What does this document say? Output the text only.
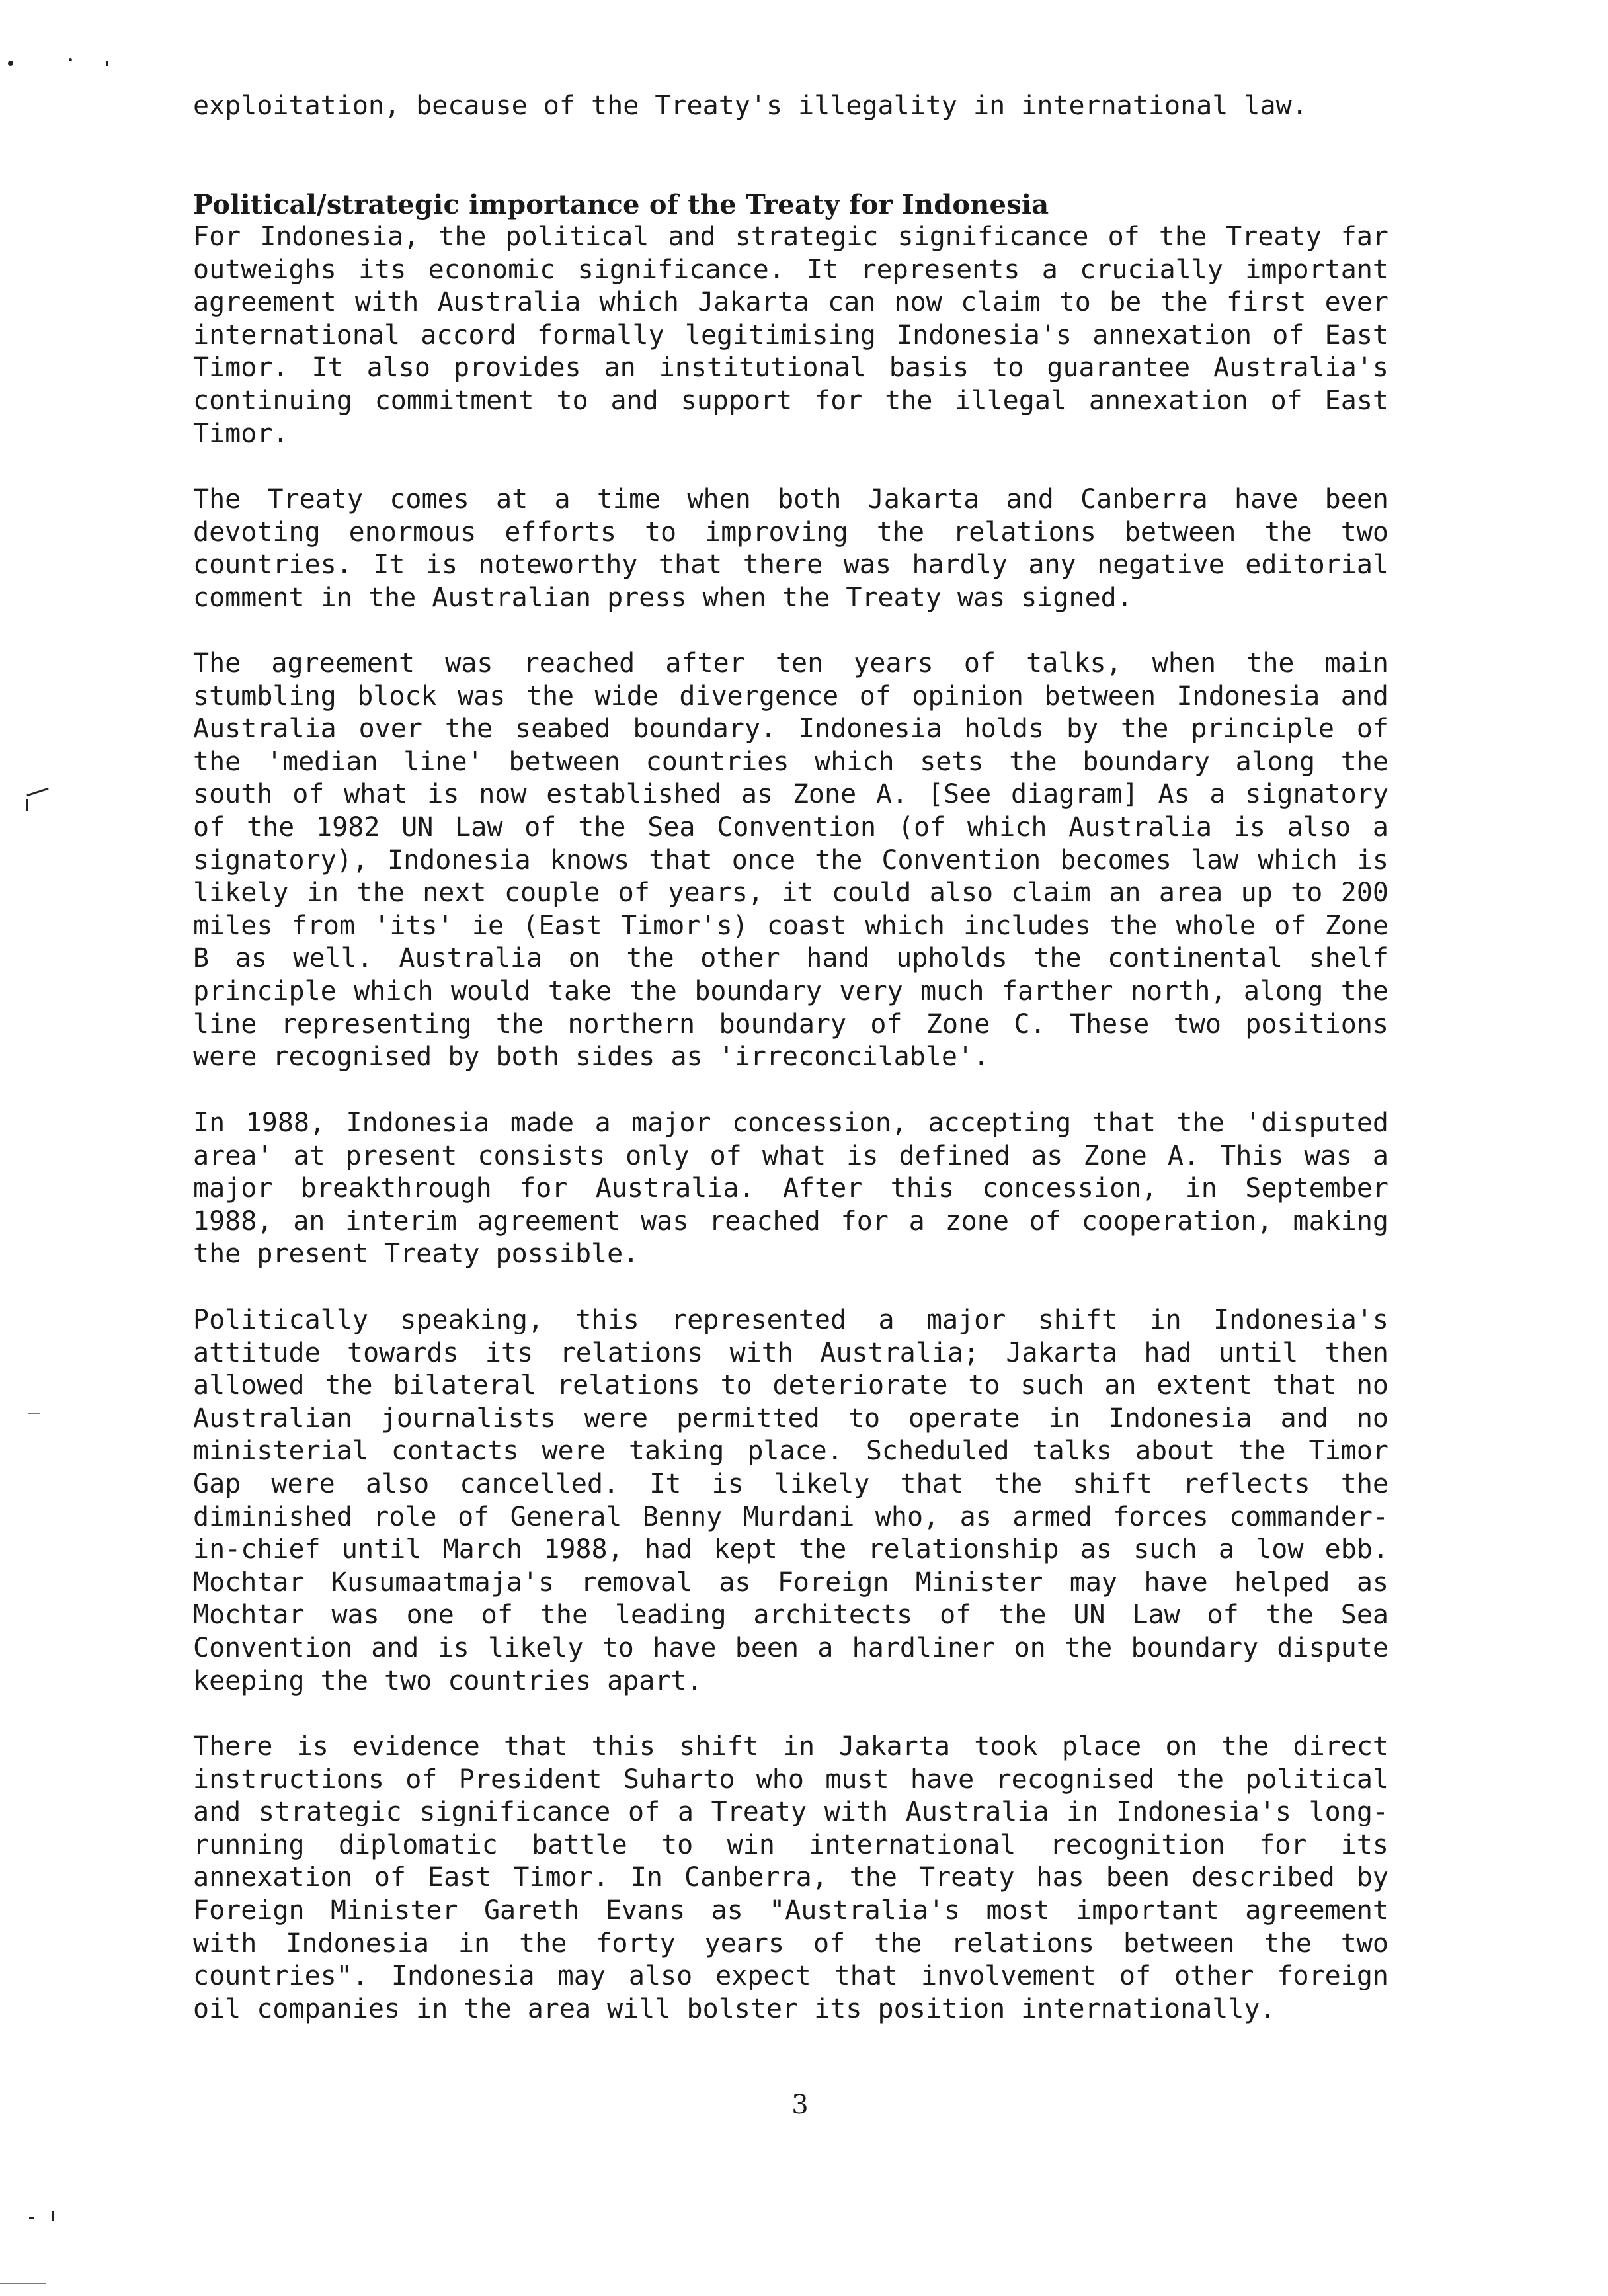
exploitation, because of the Treaty's illegality in international law.
Political/strategic importance of the Treaty for Indonesia
For Indonesia, the political and strategic significance of the Treaty far
outweighs its economic significance. It represents a crucially important
agreement with Australia which Jakarta can now claim to be the first ever
international accord formally legitimising Indonesia's annexation of East
Timor. It also provides an institutional basis to guarantee Australia's
continuing commitment to and support for the illegal annexation of East
Timor.
The Treaty comes at a time when both Jakarta and Canberra have been
devoting enormous efforts to improving the relations between the two
countries. It is noteworthy that there was hardly any negative editorial
comment in the Australian press when the Treaty was signed.
The agreement was reached after ten years of talks, when the main
stumbling block was the wide divergence of opinion between Indonesia and
Australia over the seabed boundary. Indonesia holds by the principle of
the 'median line' between countries which sets the boundary along the
south of what is now established as Zone A. [See diagram] As a signatory
of the 1982 UN Law of the Sea Convention (of which Australia is also a
signatory), Indonesia knows that once the Convention becomes law which is
likely in the next couple of years, it could also claim an area up to 200
miles from 'its' ie (East Timor's) coast which includes the whole of Zone
B as well. Australia on the other hand upholds the continental shelf
principle which would take the boundary very much farther north, along the
line representing the northern boundary of Zone C. These two positions
were recognised by both sides as 'irreconcilable'.
In 1988, Indonesia made a major concession, accepting that the 'disputed
area' at present consists only of what is defined as Zone A. This was a
major breakthrough for Australia. After this concession, in September
1988, an interim agreement was reached for a zone of cooperation, making
the present Treaty possible.
Politically speaking, this represented a major shift in Indonesia's
attitude towards its relations with Australia; Jakarta had until then
allowed the bilateral relations to deteriorate to such an extent that no
Australian journalists were permitted to operate in Indonesia and no
ministerial contacts were taking place. Scheduled talks about the Timor
Gap were also cancelled. It is likely that the shift reflects the
diminished role of General Benny Murdani who, as armed forces commander-
in-chief until March 1988, had kept the relationship as such a low ebb.
Mochtar Kusumaatmaja's removal as Foreign Minister may have helped as
Mochtar was one of the leading architects of the UN Law of the Sea
Convention and is likely to have been a hardliner on the boundary dispute
keeping the two countries apart.
There is evidence that this shift in Jakarta took place on the direct
instructions of President Suharto who must have recognised the political
and strategic significance of a Treaty with Australia in Indonesia's long-
running diplomatic battle to win international recognition for its
annexation of East Timor. In Canberra, the Treaty has been described by
Foreign Minister Gareth Evans as "Australia's most important agreement
with Indonesia in the forty years of the relations between the two
countries". Indonesia may also expect that involvement of other foreign
oil companies in the area will bolster its position internationally.
3
